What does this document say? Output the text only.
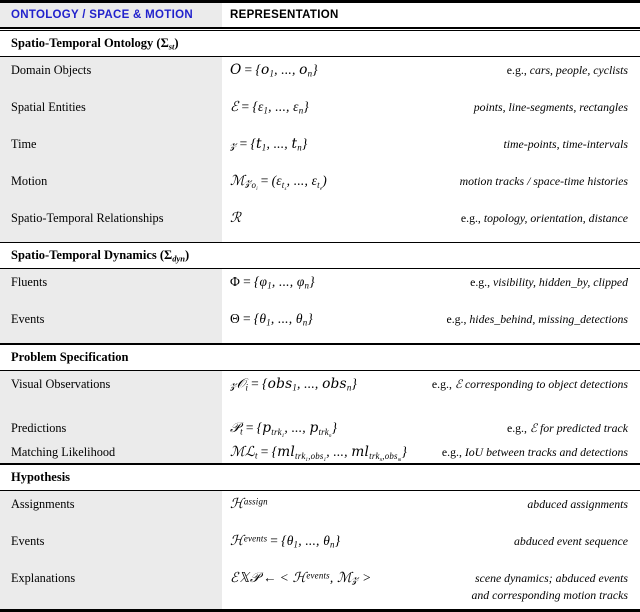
ONTOLOGY / SPACE & MOTION	REPRESENTATION
Spatio-Temporal Ontology $(\Sigma_{st})$
Domain Objects	O = {o1, ..., on}	e.g., cars, people, cyclists
Spatial Entities	ℰ = {ε1, ..., εn}	points, line-segments, rectangles
Time	𝓏 = {t1, ..., tn}	time-points, time-intervals
Motion	ℳ𝓏o$_i$= ($\varepsilon t_s$, ..., $\varepsilon t_e$)	motion tracks / space-time histories
Spatio-Temporal Relationships	ℛ	e.g., topology, orientation, distance
Spatio-Temporal Dynamics $(\Sigma_{dyn})$
Fluents	Φ = {φ1, ..., φn}	e.g., visibility, hidden_by, clipped
Events	Θ = {θ1, ..., θn}	e.g., hides_behind, missing_detections
Problem Specification
Visual Observations	𝓏𝒪i = {obs1, ..., obsn}	e.g., ℰ corresponding to object detections
Predictions	𝒫t = {ptrk$_1$, ..., ptrk$_n$}	e.g., ℰ for predicted track
Matching Likelihood	ℳℒt = {mltrk$_1$,obs$_1$, ..., mltrk$_n$,obs$_m$}	e.g., IoU between tracks and detections
Hypothesis
Assignments	ℋ$^{assign}$	abduced assignments
Events	ℋ$^{events}$ = {θ1, ..., θn}	abduced event sequence
Explanations	ℰ𝕏𝒫 ← < ℋ$^{events}$, ℳ𝓏 >	scene dynamics; abduced events
and corresponding motion tracks
